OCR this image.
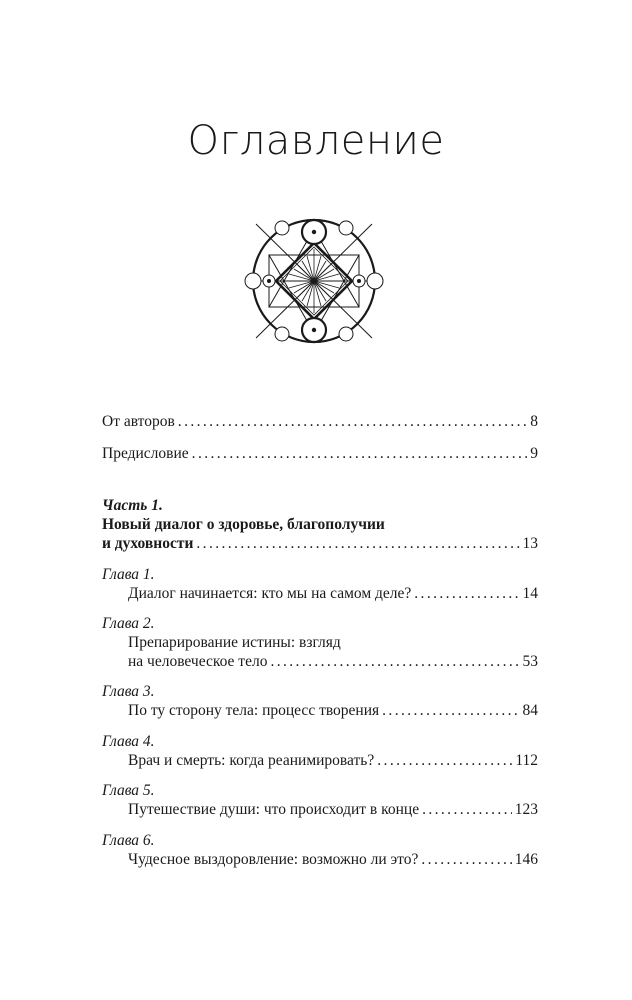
Оглавление
От авторов .....	8
Предисловие .....	9
Часть 1.
Новый диалог о здоровье, благополучии
и духовности .....	13
Глава 1.
Диалог начинается: кто мы на самом деле? .....	14
Глава 2.
Препарирование истины: взгляд
на человеческое тело .....	53
Глава 3.
По ту сторону тела: процесс творения .....	84
Глава 4.
Врач и смерть: когда реанимировать? .....	112
Глава 5.
Путешествие души: что происходит в конце .....	123
Глава 6.
Чудесное выздоровление: возможно ли это? .....	146
